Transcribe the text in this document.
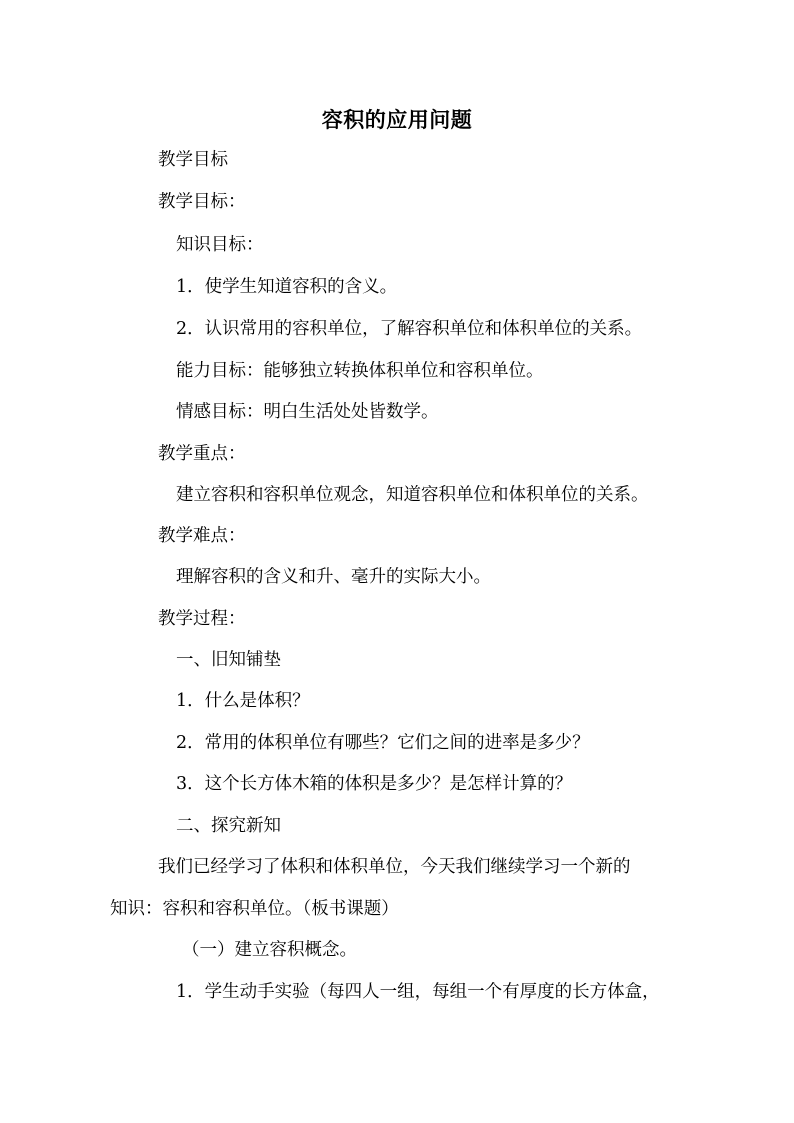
容积的应用问题
教学目标
教学目标：
知识目标：
1．使学生知道容积的含义。
2．认识常用的容积单位，了解容积单位和体积单位的关系。
能力目标：能够独立转换体积单位和容积单位。
情感目标：明白生活处处皆数学。
教学重点：
建立容积和容积单位观念，知道容积单位和体积单位的关系。
教学难点：
理解容积的含义和升、毫升的实际大小。
教学过程：
一、旧知铺垫
1．什么是体积？
2．常用的体积单位有哪些？它们之间的进率是多少？
3．这个长方体木箱的体积是多少？是怎样计算的？
二、探究新知
我们已经学习了体积和体积单位，今天我们继续学习一个新的
知识：容积和容积单位。（板书课题）
（一）建立容积概念。
1．学生动手实验（每四人一组，每组一个有厚度的长方体盒，
